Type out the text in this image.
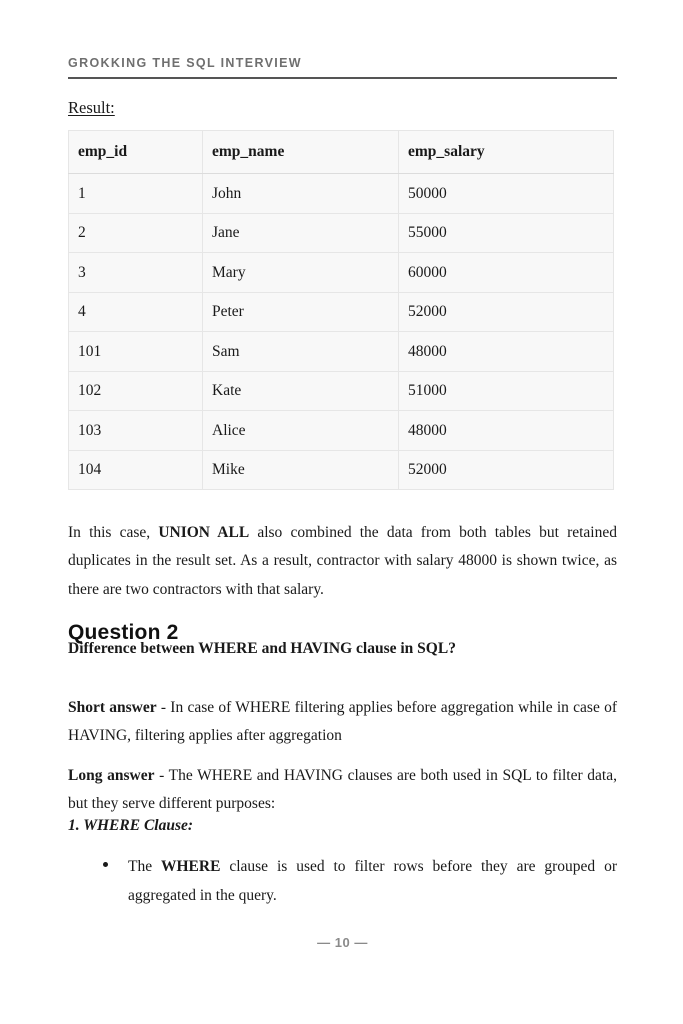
GROKKING THE SQL INTERVIEW
Result:
emp_id	emp_name	emp_salary
1	John	50000
2	Jane	55000
3	Mary	60000
4	Peter	52000
101	Sam	48000
102	Kate	51000
103	Alice	48000
104	Mike	52000

In this case, UNION ALL also combined the data from both tables but retained duplicates in the result set. As a result, contractor with salary 48000 is shown twice, as there are two contractors with that salary.

Question 2
Difference between WHERE and HAVING clause in SQL?

Short answer - In case of WHERE filtering applies before aggregation while in case of HAVING, filtering applies after aggregation

Long answer - The WHERE and HAVING clauses are both used in SQL to filter data, but they serve different purposes:

1. WHERE Clause:
The WHERE clause is used to filter rows before they are grouped or aggregated in the query.
— 10 —
